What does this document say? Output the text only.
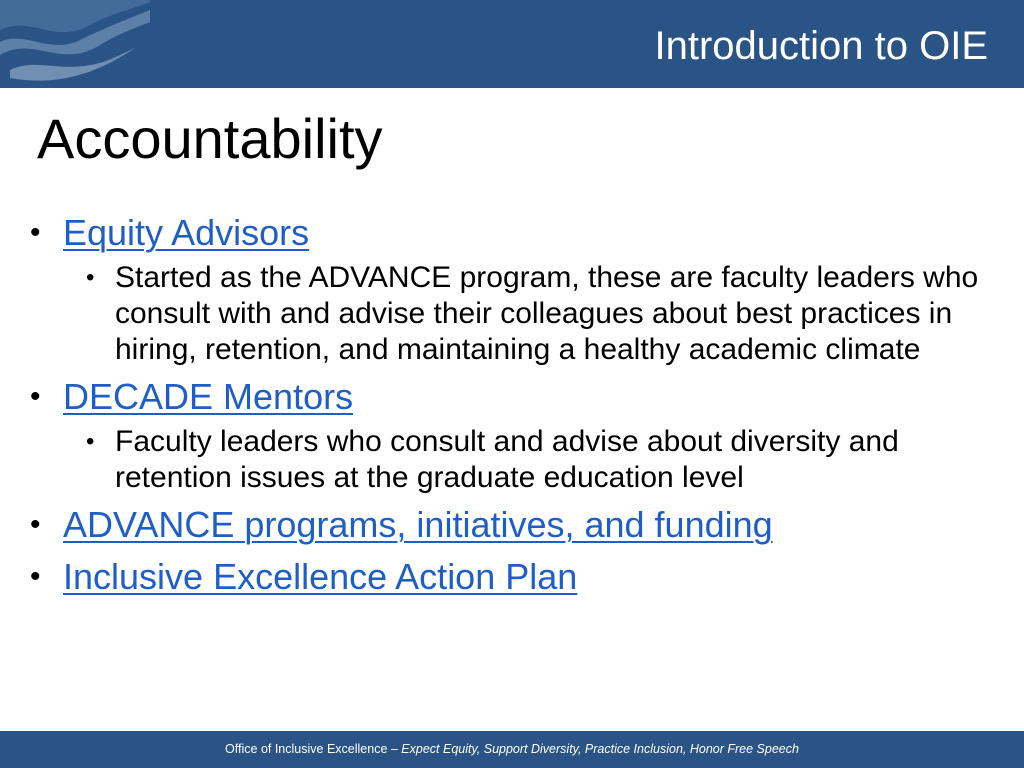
Introduction to OIE
Accountability
• Equity Advisors
• Started as the ADVANCE program, these are faculty leaders who consult with and advise their colleagues about best practices in hiring, retention, and maintaining a healthy academic climate
• DECADE Mentors
• Faculty leaders who consult and advise about diversity and retention issues at the graduate education level
• ADVANCE programs, initiatives, and funding
• Inclusive Excellence Action Plan
Office of Inclusive Excellence – Expect Equity, Support Diversity, Practice Inclusion, Honor Free Speech
